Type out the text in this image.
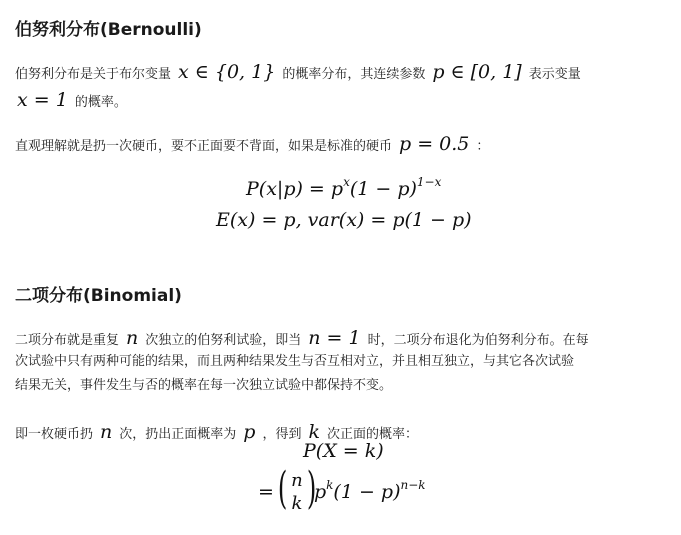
伯努利分布(Bernoulli)
伯努利分布是关于布尔变量 x ∈ {0, 1} 的概率分布，其连续参数 p ∈ [0, 1] 表示变量
x = 1 的概率。
直观理解就是扔一次硬币，要不正面要不背面，如果是标准的硬币 p = 0.5 ：
$P(x|p) = p^x(1 - p)^{1-x}$
E(x) = p, var(x) = p(1 − p)
二项分布(Binomial)
二项分布就是重复 n 次独立的伯努利试验，即当 n = 1 时，二项分布退化为伯努利分布。在每
次试验中只有两种可能的结果，而且两种结果发生与否互相对立，并且相互独立，与其它各次试验
结果无关，事件发生与否的概率在每一次独立试验中都保持不变。
即一枚硬币扔 n 次，扔出正面概率为 p ，得到 k 次正面的概率：
P(X = k)
= ( n
k )
$p^k(1 - p)^{n-k}$
